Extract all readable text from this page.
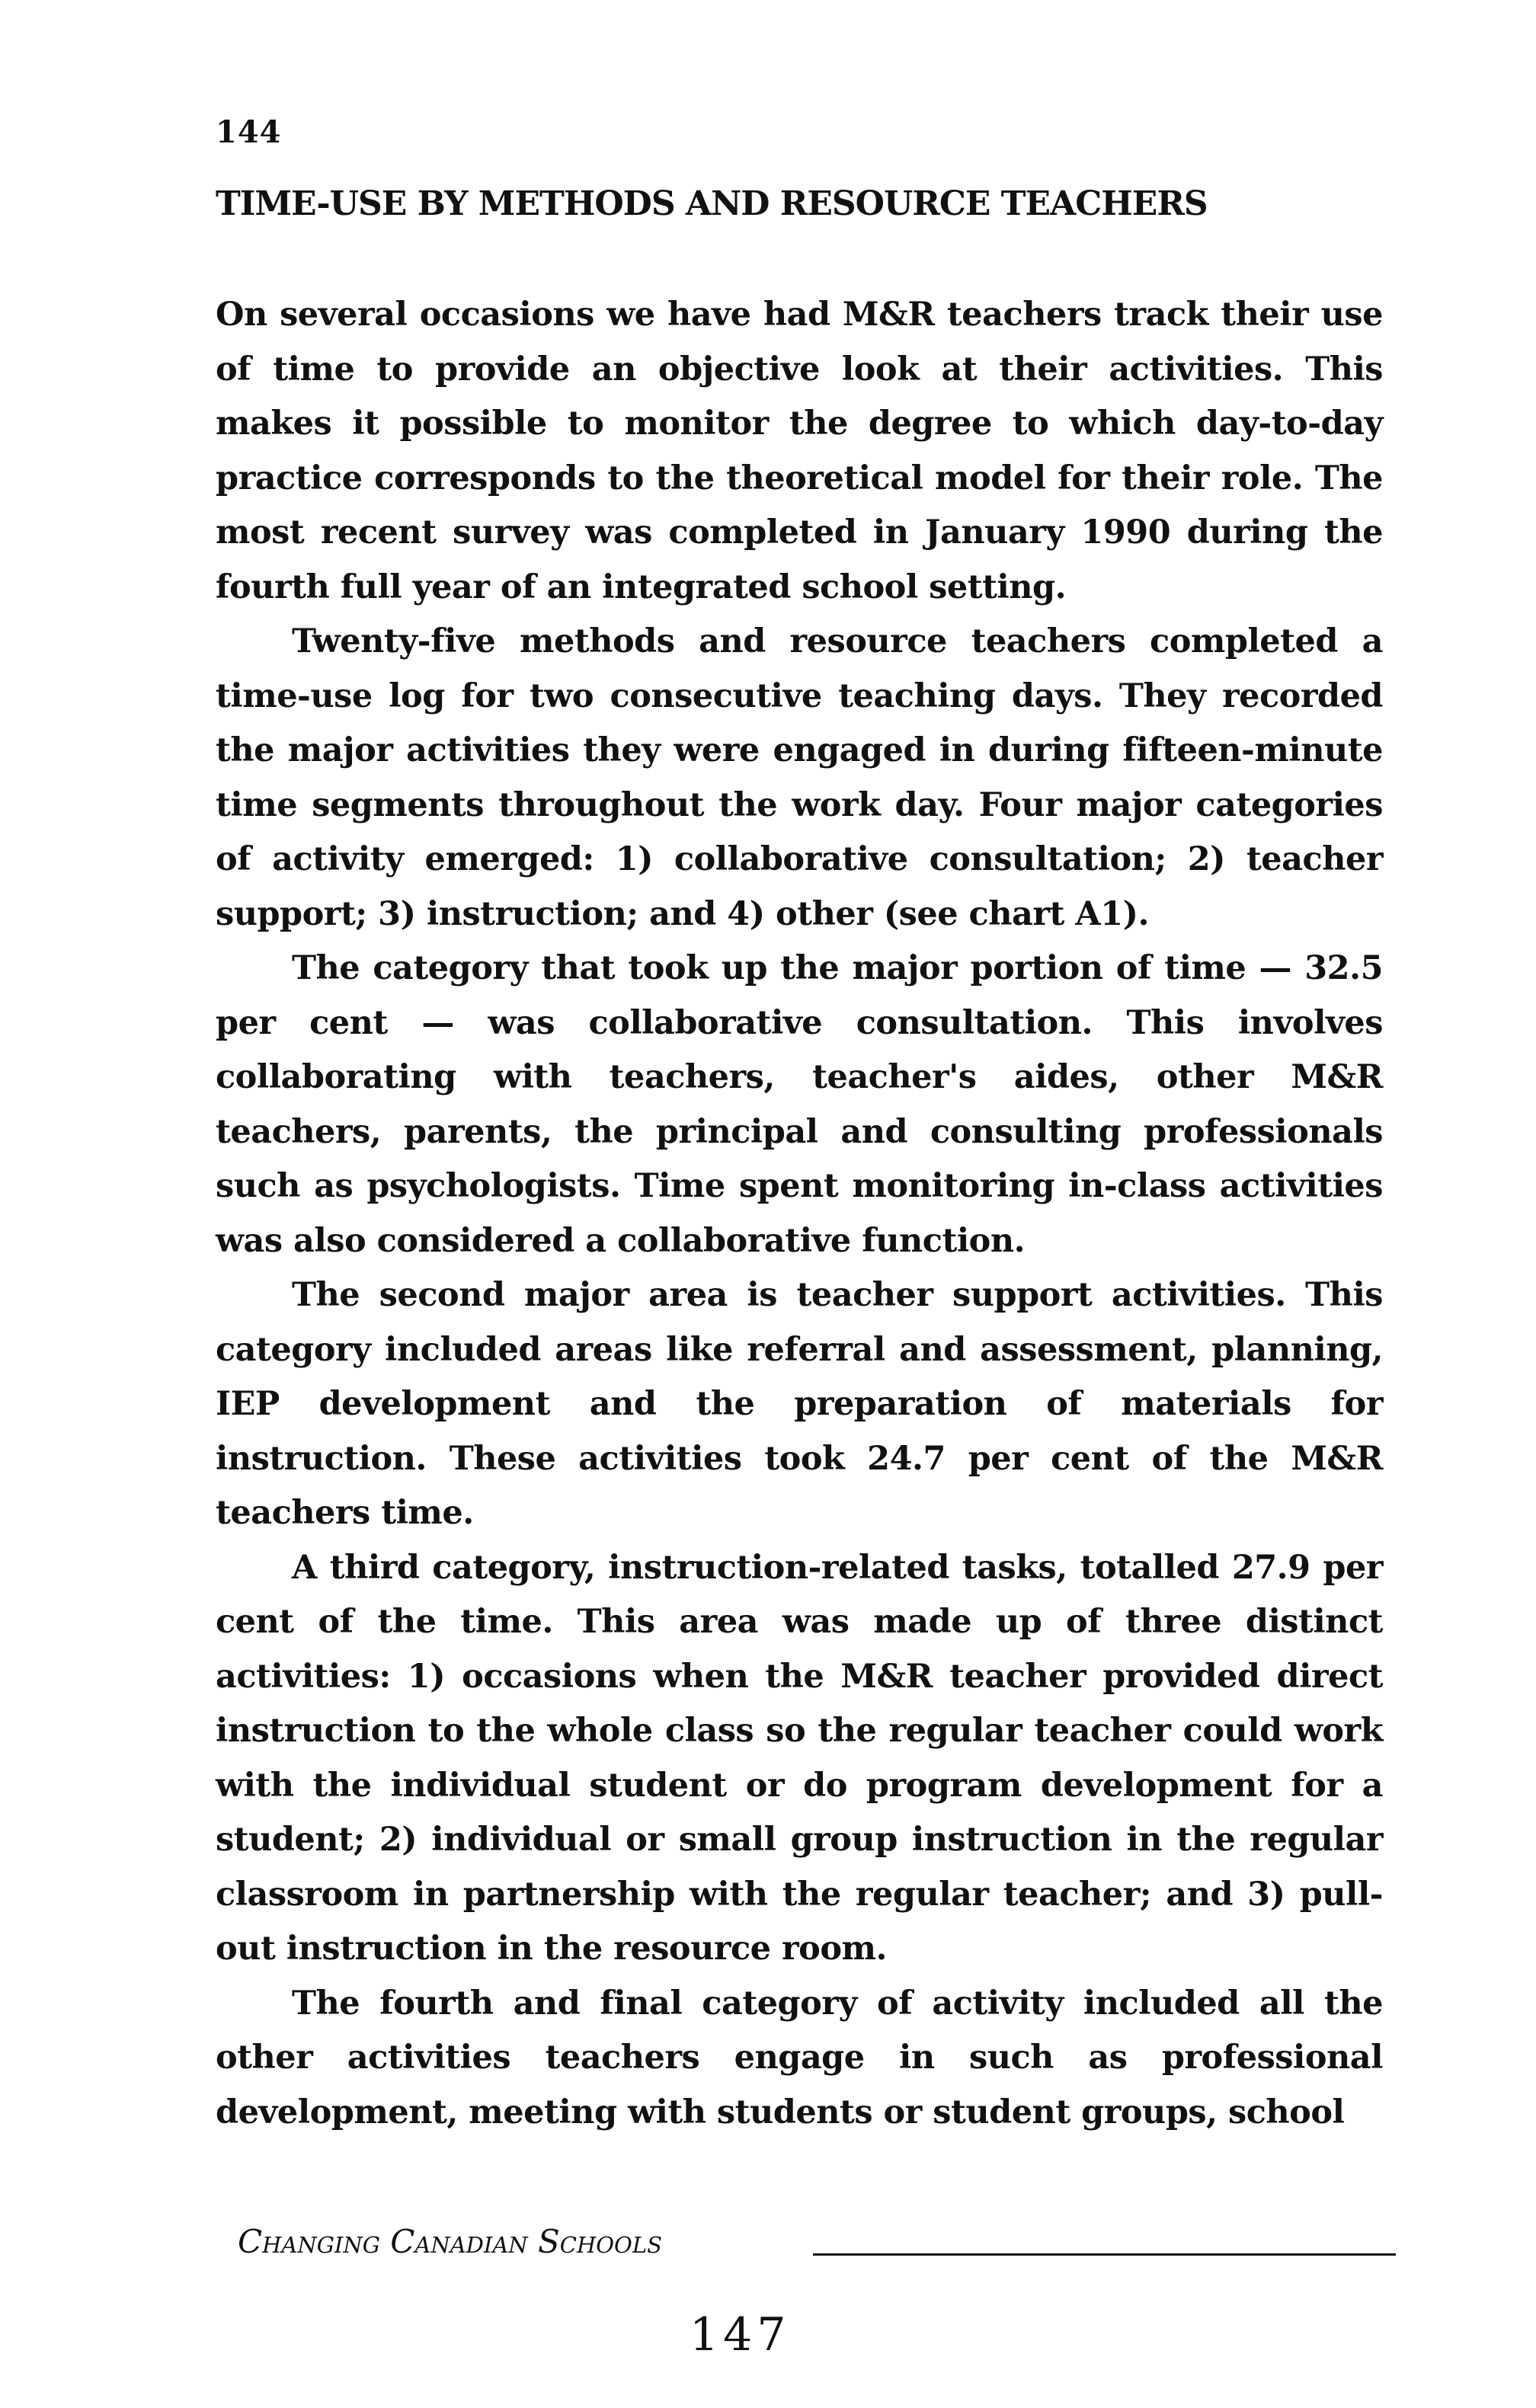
144
TIME-USE BY METHODS AND RESOURCE TEACHERS

On several occasions we have had M&R teachers track their use of time to provide an objective look at their activities. This makes it possible to monitor the degree to which day-to-day practice corresponds to the theoretical model for their role. The most recent survey was completed in January 1990 during the fourth full year of an integrated school setting.

Twenty-five methods and resource teachers completed a time-use log for two consecutive teaching days. They recorded the major activities they were engaged in during fifteen-minute time segments throughout the work day. Four major categories of activity emerged: 1) collaborative consultation; 2) teacher support; 3) instruction; and 4) other (see chart A1).

The category that took up the major portion of time — 32.5 per cent — was collaborative consultation. This involves collaborating with teachers, teacher's aides, other M&R teachers, parents, the principal and consulting professionals such as psychologists. Time spent monitoring in-class activities was also considered a collaborative function.

The second major area is teacher support activities. This category included areas like referral and assessment, planning, IEP development and the preparation of materials for instruction. These activities took 24.7 per cent of the M&R teachers time.

A third category, instruction-related tasks, totalled 27.9 per cent of the time. This area was made up of three distinct activities: 1) occasions when the M&R teacher provided direct instruction to the whole class so the regular teacher could work with the individual student or do program development for a student; 2) individual or small group instruction in the regular classroom in partnership with the regular teacher; and 3) pull-out instruction in the resource room.

The fourth and final category of activity included all the other activities teachers engage in such as professional development, meeting with students or student groups, school

Changing Canadian Schools
147
